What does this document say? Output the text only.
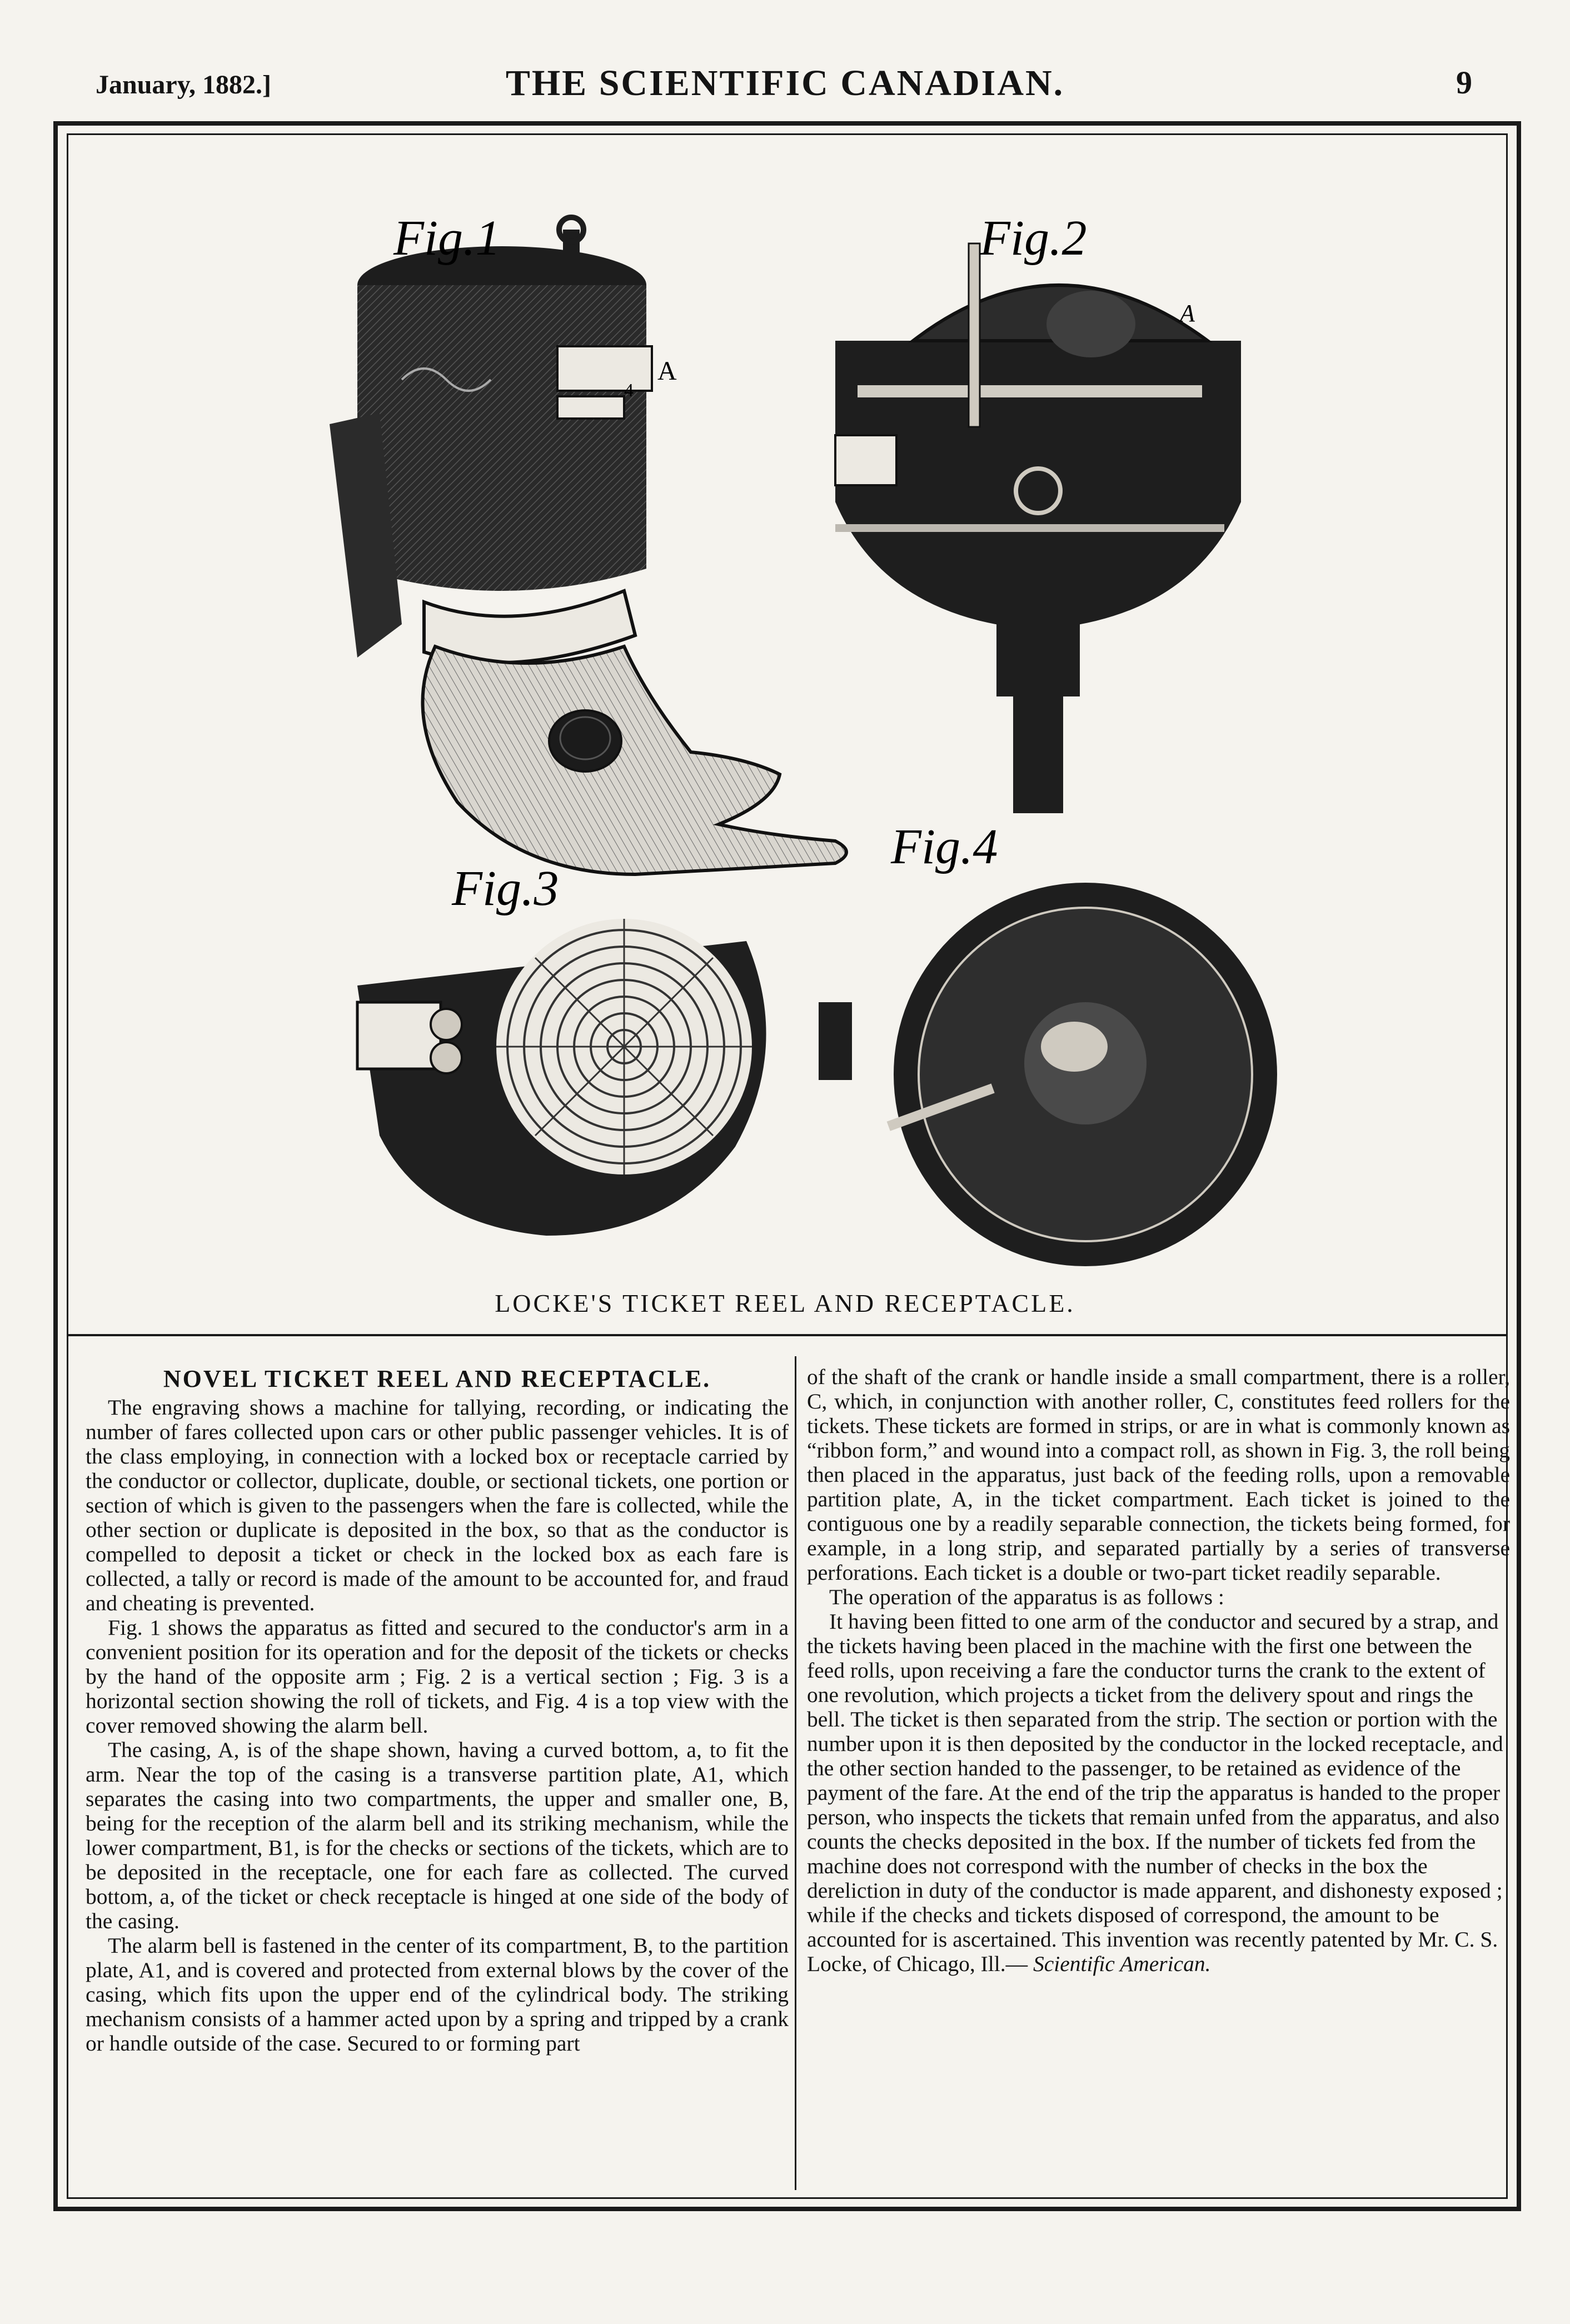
January, 1882.]	THE SCIENTIFIC CANADIAN.	9
Fig.1
A
4
Fig.2
A
Fig.3
Fig.4
LOCKE'S TICKET REEL AND RECEPTACLE.
NOVEL TICKET REEL AND RECEPTACLE.

The engraving shows a machine for tallying, recording, or indicating the number of fares collected upon cars or other public passenger vehicles. It is of the class employing, in connection with a locked box or receptacle carried by the conductor or collector, duplicate, double, or sectional tickets, one portion or section of which is given to the passengers when the fare is collected, while the other section or duplicate is deposited in the box, so that as the conductor is compelled to deposit a ticket or check in the locked box as each fare is collected, a tally or record is made of the amount to be accounted for, and fraud and cheating is prevented.

Fig. 1 shows the apparatus as fitted and secured to the conductor's arm in a convenient position for its operation and for the deposit of the tickets or checks by the hand of the opposite arm ; Fig. 2 is a vertical section ; Fig. 3 is a horizontal section showing the roll of tickets, and Fig. 4 is a top view with the cover removed showing the alarm bell.

The casing, A, is of the shape shown, having a curved bottom, a, to fit the arm. Near the top of the casing is a transverse partition plate, A1, which separates the casing into two compartments, the upper and smaller one, B, being for the reception of the alarm bell and its striking mechanism, while the lower compartment, B1, is for the checks or sections of the tickets, which are to be deposited in the receptacle, one for each fare as collected. The curved bottom, a, of the ticket or check receptacle is hinged at one side of the body of the casing.

The alarm bell is fastened in the center of its compartment, B, to the partition plate, A1, and is covered and protected from external blows by the cover of the casing, which fits upon the upper end of the cylindrical body. The striking mechanism consists of a hammer acted upon by a spring and tripped by a crank or handle outside of the case. Secured to or forming part

of the shaft of the crank or handle inside a small compartment, there is a roller, C, which, in conjunction with another roller, C, constitutes feed rollers for the tickets. These tickets are formed in strips, or are in what is commonly known as “ribbon form,” and wound into a compact roll, as shown in Fig. 3, the roll being then placed in the apparatus, just back of the feeding rolls, upon a removable partition plate, A, in the ticket compartment. Each ticket is joined to the contiguous one by a readily separable connection, the tickets being formed, for example, in a long strip, and separated partially by a series of transverse perforations. Each ticket is a double or two-part ticket readily separable.

The operation of the apparatus is as follows :

It having been fitted to one arm of the conductor and secured by a strap, and the tickets having been placed in the machine with the first one between the feed rolls, upon receiving a fare the conductor turns the crank to the extent of one revolution, which projects a ticket from the delivery spout and rings the bell. The ticket is then separated from the strip. The section or portion with the number upon it is then deposited by the conductor in the locked receptacle, and the other section handed to the passenger, to be retained as evidence of the payment of the fare. At the end of the trip the apparatus is handed to the proper person, who inspects the tickets that remain unfed from the apparatus, and also counts the checks deposited in the box. If the number of tickets fed from the machine does not correspond with the number of checks in the box the dereliction in duty of the conductor is made apparent, and dishonesty exposed ; while if the checks and tickets disposed of correspond, the amount to be accounted for is ascertained. This invention was recently patented by Mr. C. S. Locke, of Chicago, Ill.— Scientific American.
